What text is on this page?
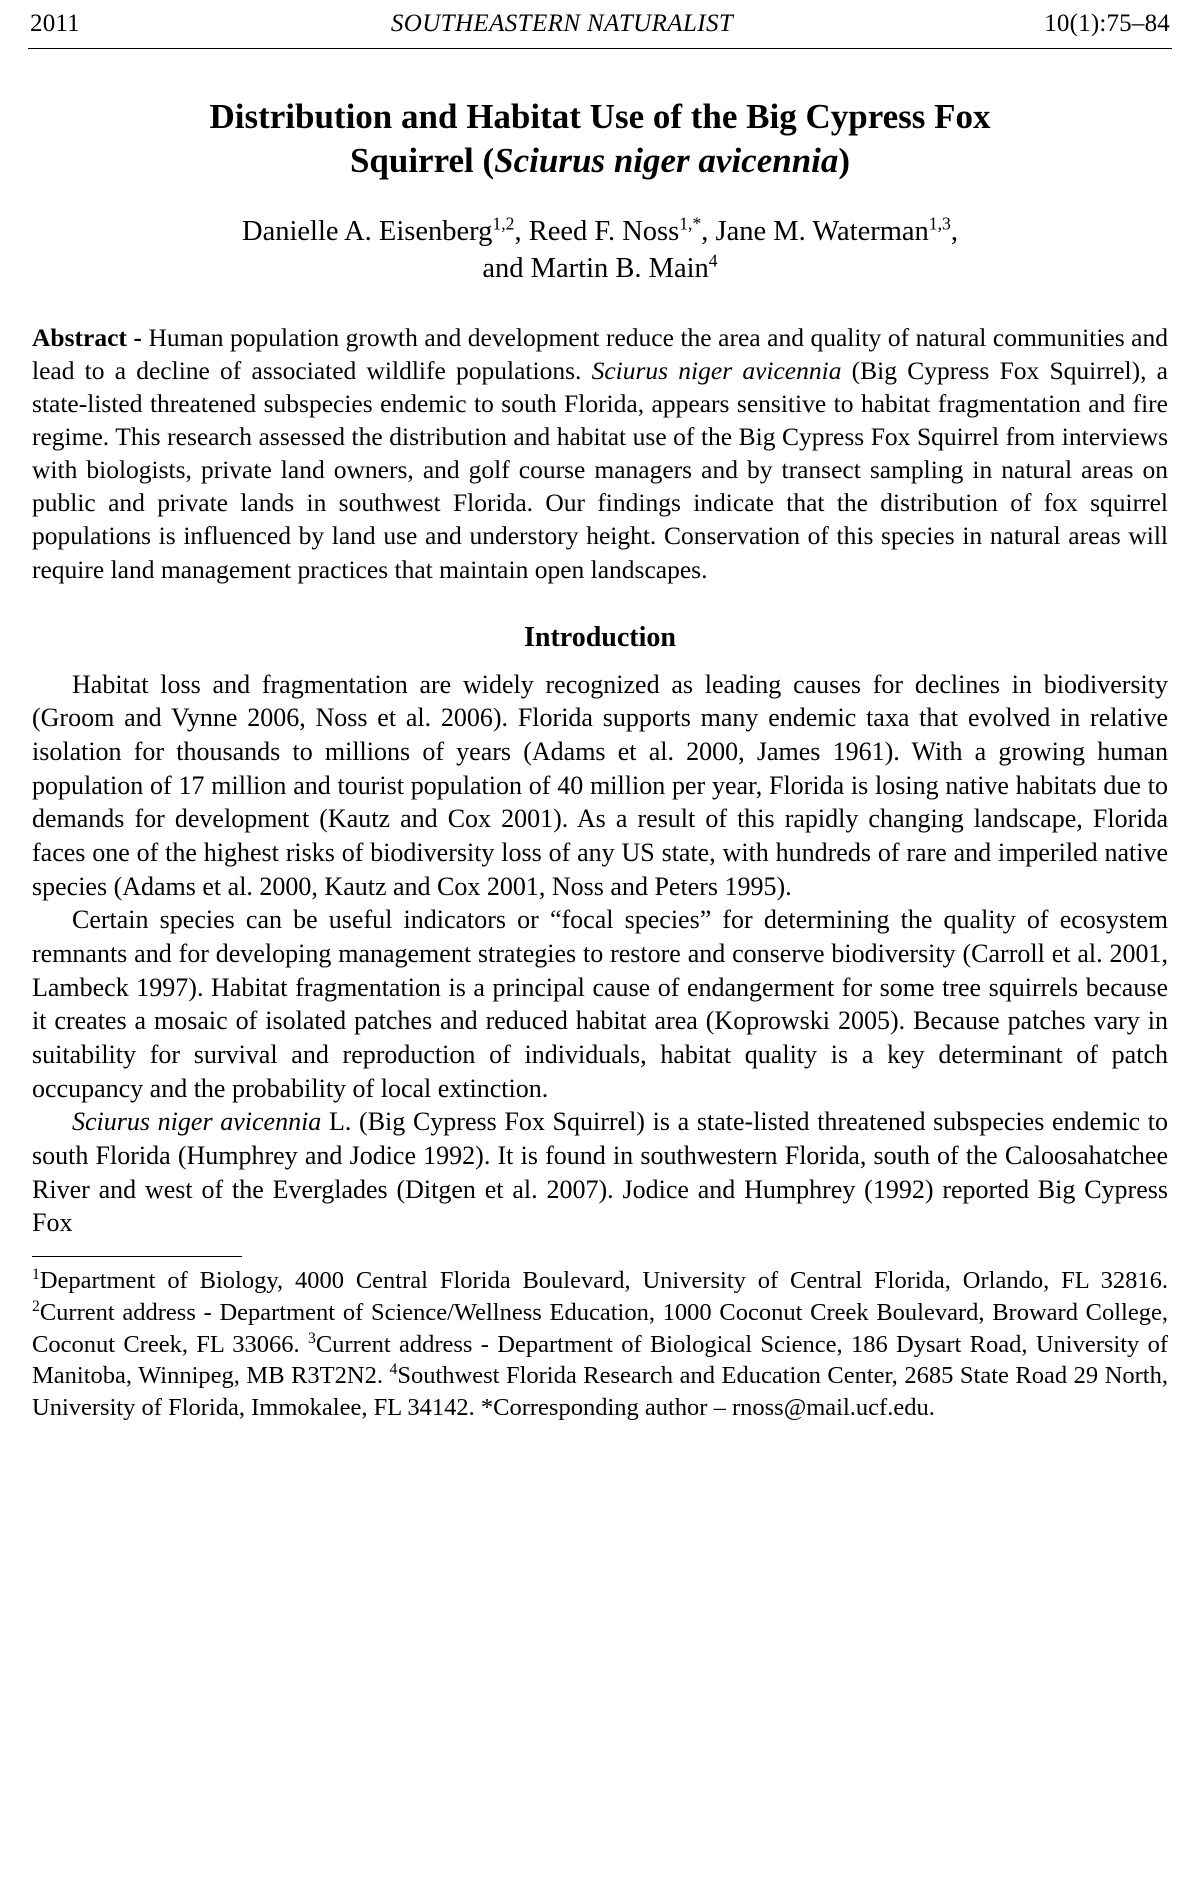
2011	SOUTHEASTERN NATURALIST	10(1):75–84
Distribution and Habitat Use of the Big Cypress Fox
Squirrel (Sciurus niger avicennia)
Danielle A. Eisenberg$^{1,2}$, Reed F. Noss$^{1,*}$, Jane M. Waterman$^{1,3}$,
and Martin B. Main$^4$
Abstract - Human population growth and development reduce the area and quality of natural communities and lead to a decline of associated wildlife populations. Sciurus niger avicennia (Big Cypress Fox Squirrel), a state-listed threatened subspecies endemic to south Florida, appears sensitive to habitat fragmentation and fire regime. This research assessed the distribution and habitat use of the Big Cypress Fox Squirrel from interviews with biologists, private land owners, and golf course managers and by transect sampling in natural areas on public and private lands in southwest Florida. Our findings indicate that the distribution of fox squirrel populations is influenced by land use and understory height. Conservation of this species in natural areas will require land management practices that maintain open landscapes.
Introduction

Habitat loss and fragmentation are widely recognized as leading causes for declines in biodiversity (Groom and Vynne 2006, Noss et al. 2006). Florida supports many endemic taxa that evolved in relative isolation for thousands to millions of years (Adams et al. 2000, James 1961). With a growing human population of 17 million and tourist population of 40 million per year, Florida is losing native habitats due to demands for development (Kautz and Cox 2001). As a result of this rapidly changing landscape, Florida faces one of the highest risks of biodiversity loss of any US state, with hundreds of rare and imperiled native species (Adams et al. 2000, Kautz and Cox 2001, Noss and Peters 1995).

Certain species can be useful indicators or “focal species” for determining the quality of ecosystem remnants and for developing management strategies to restore and conserve biodiversity (Carroll et al. 2001, Lambeck 1997). Habitat fragmentation is a principal cause of endangerment for some tree squirrels because it creates a mosaic of isolated patches and reduced habitat area (Koprowski 2005). Because patches vary in suitability for survival and reproduction of individuals, habitat quality is a key determinant of patch occupancy and the probability of local extinction.

Sciurus niger avicennia L. (Big Cypress Fox Squirrel) is a state-listed threatened subspecies endemic to south Florida (Humphrey and Jodice 1992). It is found in southwestern Florida, south of the Caloosahatchee River and west of the Everglades (Ditgen et al. 2007). Jodice and Humphrey (1992) reported Big Cypress Fox

$^1$Department of Biology, 4000 Central Florida Boulevard, University of Central Florida, Orlando, FL 32816. $^2$Current address - Department of Science/Wellness Education, 1000 Coconut Creek Boulevard, Broward College, Coconut Creek, FL 33066. $^3$Current address - Department of Biological Science, 186 Dysart Road, University of Manitoba, Winnipeg, MB R3T2N2. $^4$Southwest Florida Research and Education Center, 2685 State Road 29 North, University of Florida, Immokalee, FL 34142. *Corresponding author – rnoss@mail.ucf.edu.
